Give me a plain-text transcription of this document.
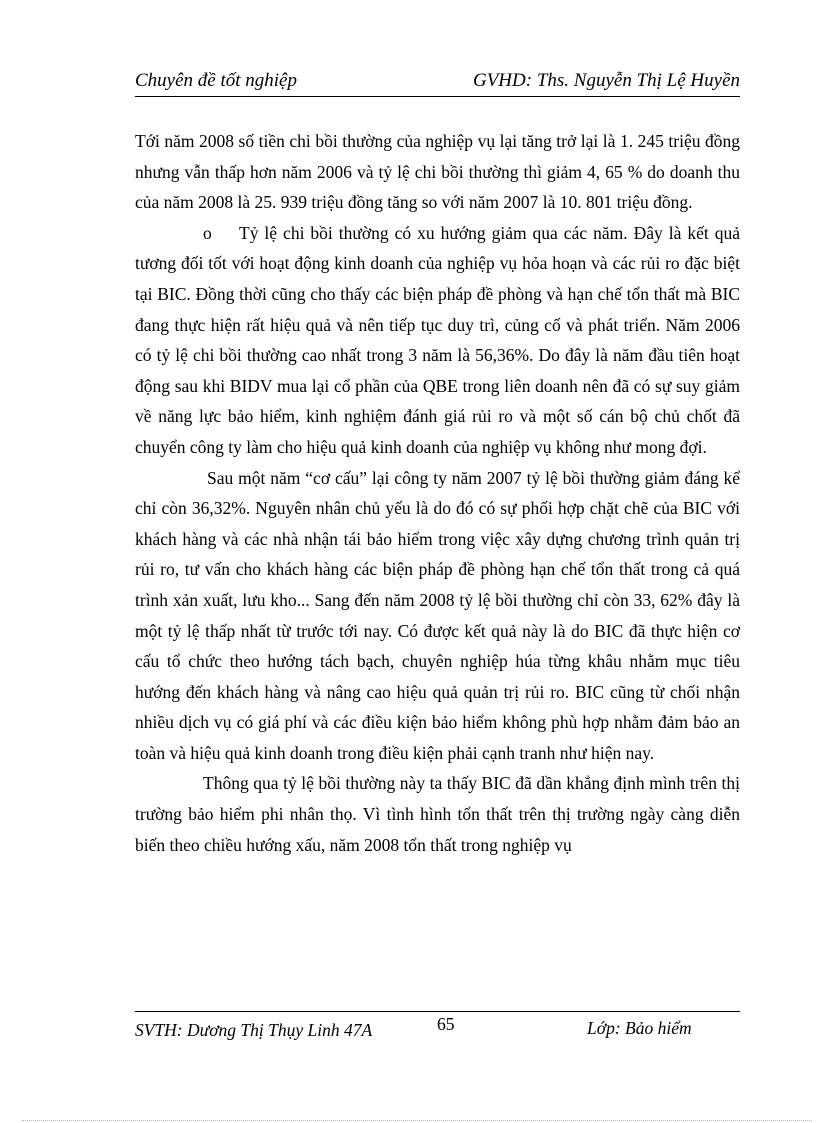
Chuyên đề tốt nghiệp	GVHD: Ths. Nguyễn Thị Lệ Huyền

Tới năm 2008 số tiền chi bồi thường của nghiệp vụ lại tăng trở lại là 1. 245 triệu đồng nhưng vẫn thấp hơn năm 2006 và tỷ lệ chi bồi thường thì giảm 4, 65 % do doanh thu của năm 2008 là 25. 939 triệu đồng tăng so với năm 2007 là 10. 801 triệu đồng.

o Tỷ lệ chi bồi thường có xu hướng giảm qua các năm. Đây là kết quả tương đối tốt với hoạt động kinh doanh của nghiệp vụ hỏa hoạn và các rủi ro đặc biệt tại BIC. Đồng thời cũng cho thấy các biện pháp đề phòng và hạn chế tổn thất mà BIC đang thực hiện rất hiệu quả và nên tiếp tục duy trì, củng cố và phát triển. Năm 2006 có tỷ lệ chi bồi thường cao nhất trong 3 năm là 56,36%. Do đây là năm đầu tiên hoạt động sau khi BIDV mua lại cổ phần của QBE trong liên doanh nên đã có sự suy giảm về năng lực bảo hiểm, kinh nghiệm đánh giá rủi ro và một số cán bộ chủ chốt đã chuyển công ty làm cho hiệu quả kinh doanh của nghiệp vụ không như mong đợi.

Sau một năm “cơ cấu” lại công ty năm 2007 tỷ lệ bồi thường giảm đáng kể chỉ còn 36,32%. Nguyên nhân chủ yếu là do đó có sự phối hợp chặt chẽ của BIC với khách hàng và các nhà nhận tái bảo hiểm trong việc xây dựng chương trình quản trị rủi ro, tư vấn cho khách hàng các biện pháp đề phòng hạn chế tổn thất trong cả quá trình xản xuất, lưu kho... Sang đến năm 2008 tỷ lệ bồi thường chỉ còn 33, 62% đây là một tỷ lệ thấp nhất từ trước tới nay. Có được kết quả này là do BIC đã thực hiện cơ cấu tổ chức theo hướng tách bạch, chuyên nghiệp húa từng khâu nhằm mục tiêu hướng đến khách hàng và nâng cao hiệu quả quản trị rủi ro. BIC cũng từ chối nhận nhiều dịch vụ có giá phí và các điều kiện bảo hiểm không phù hợp nhằm đảm bảo an toàn và hiệu quả kinh doanh trong điều kiện phải cạnh tranh như hiện nay.

Thông qua tỷ lệ bồi thường này ta thấy BIC đã dần khẳng định mình trên thị trường bảo hiểm phi nhân thọ. Vì tình hình tổn thất trên thị trường ngày càng diễn biến theo chiều hướng xấu, năm 2008 tổn thất trong nghiệp vụ

SVTH: Dương Thị Thụy Linh 47A	65	Lớp: Bảo hiểm
